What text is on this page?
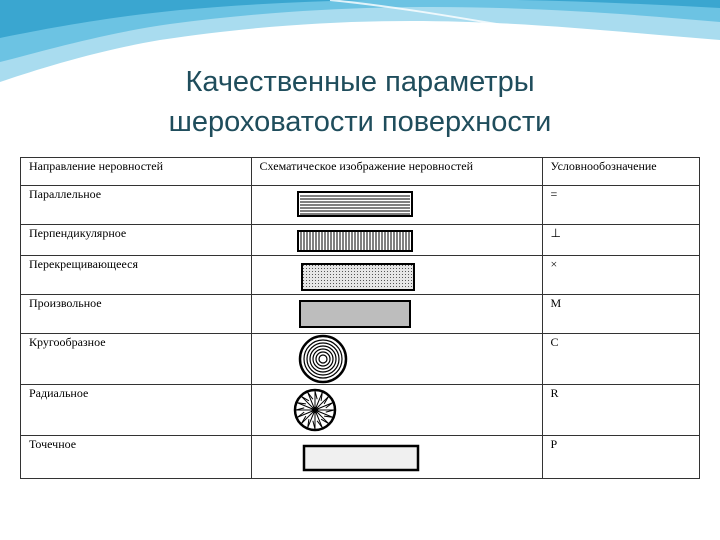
Качественные параметры
шероховатости поверхности
Направление неровностей	Схематическое изображение неровностей	Условнообозначение
Параллельное		=
Перпендикулярное		⊥
Перекрещивающееся		×
Произвольное		M
Кругообразное		C
Радиальное		R
Точечное		P
